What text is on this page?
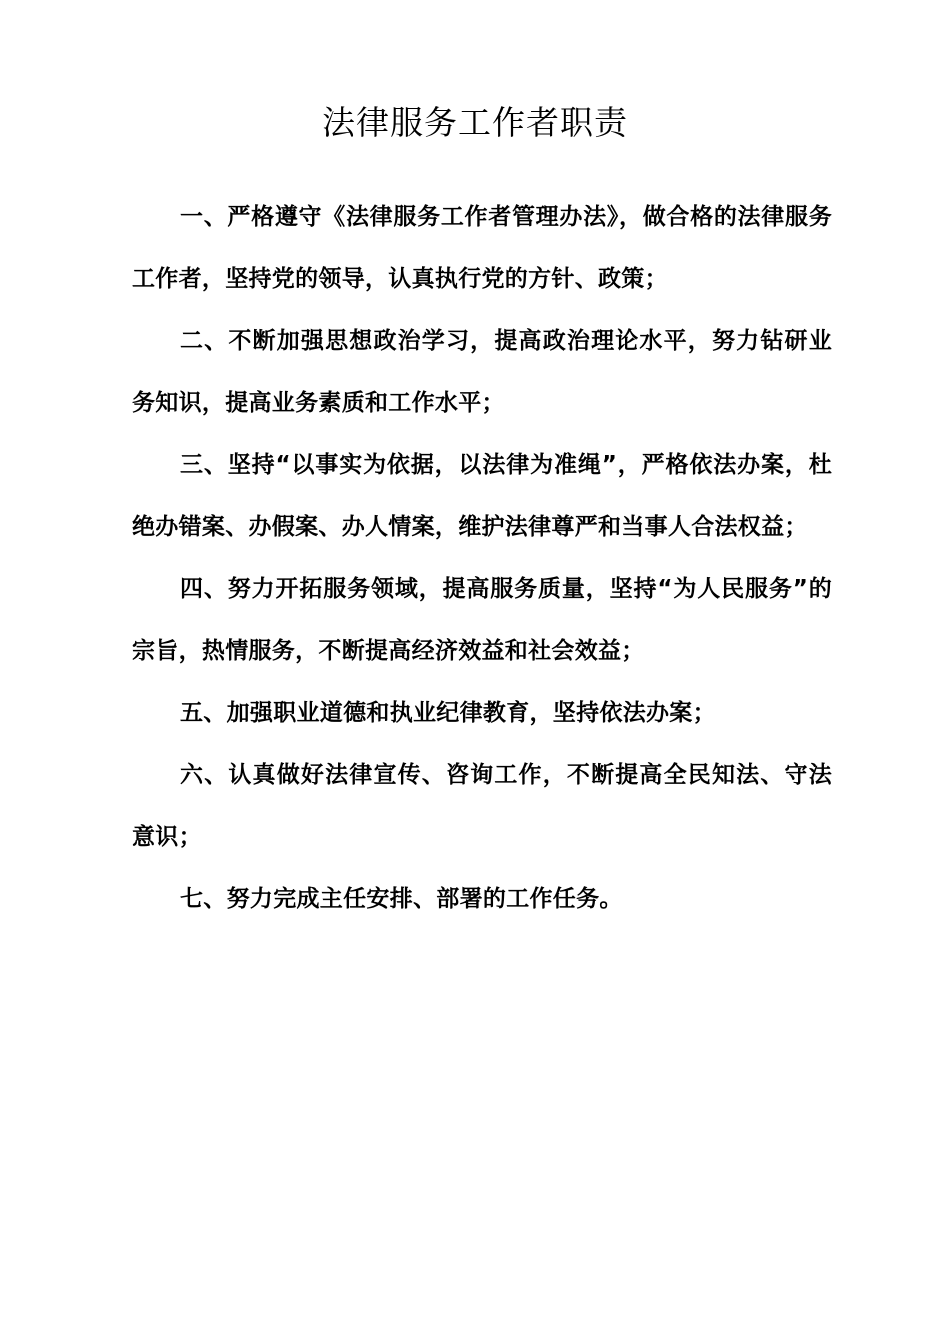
法律服务工作者职责

一、严格遵守《法律服务工作者管理办法》，做合格的法律服务工作者，坚持党的领导，认真执行党的方针、政策；

二、不断加强思想政治学习，提高政治理论水平，努力钻研业务知识，提高业务素质和工作水平；

三、坚持“以事实为依据，以法律为准绳”，严格依法办案，杜绝办错案、办假案、办人情案，维护法律尊严和当事人合法权益；

四、努力开拓服务领域，提高服务质量，坚持“为人民服务”的宗旨，热情服务，不断提高经济效益和社会效益；

五、加强职业道德和执业纪律教育，坚持依法办案；

六、认真做好法律宣传、咨询工作，不断提高全民知法、守法意识；

七、努力完成主任安排、部署的工作任务。
